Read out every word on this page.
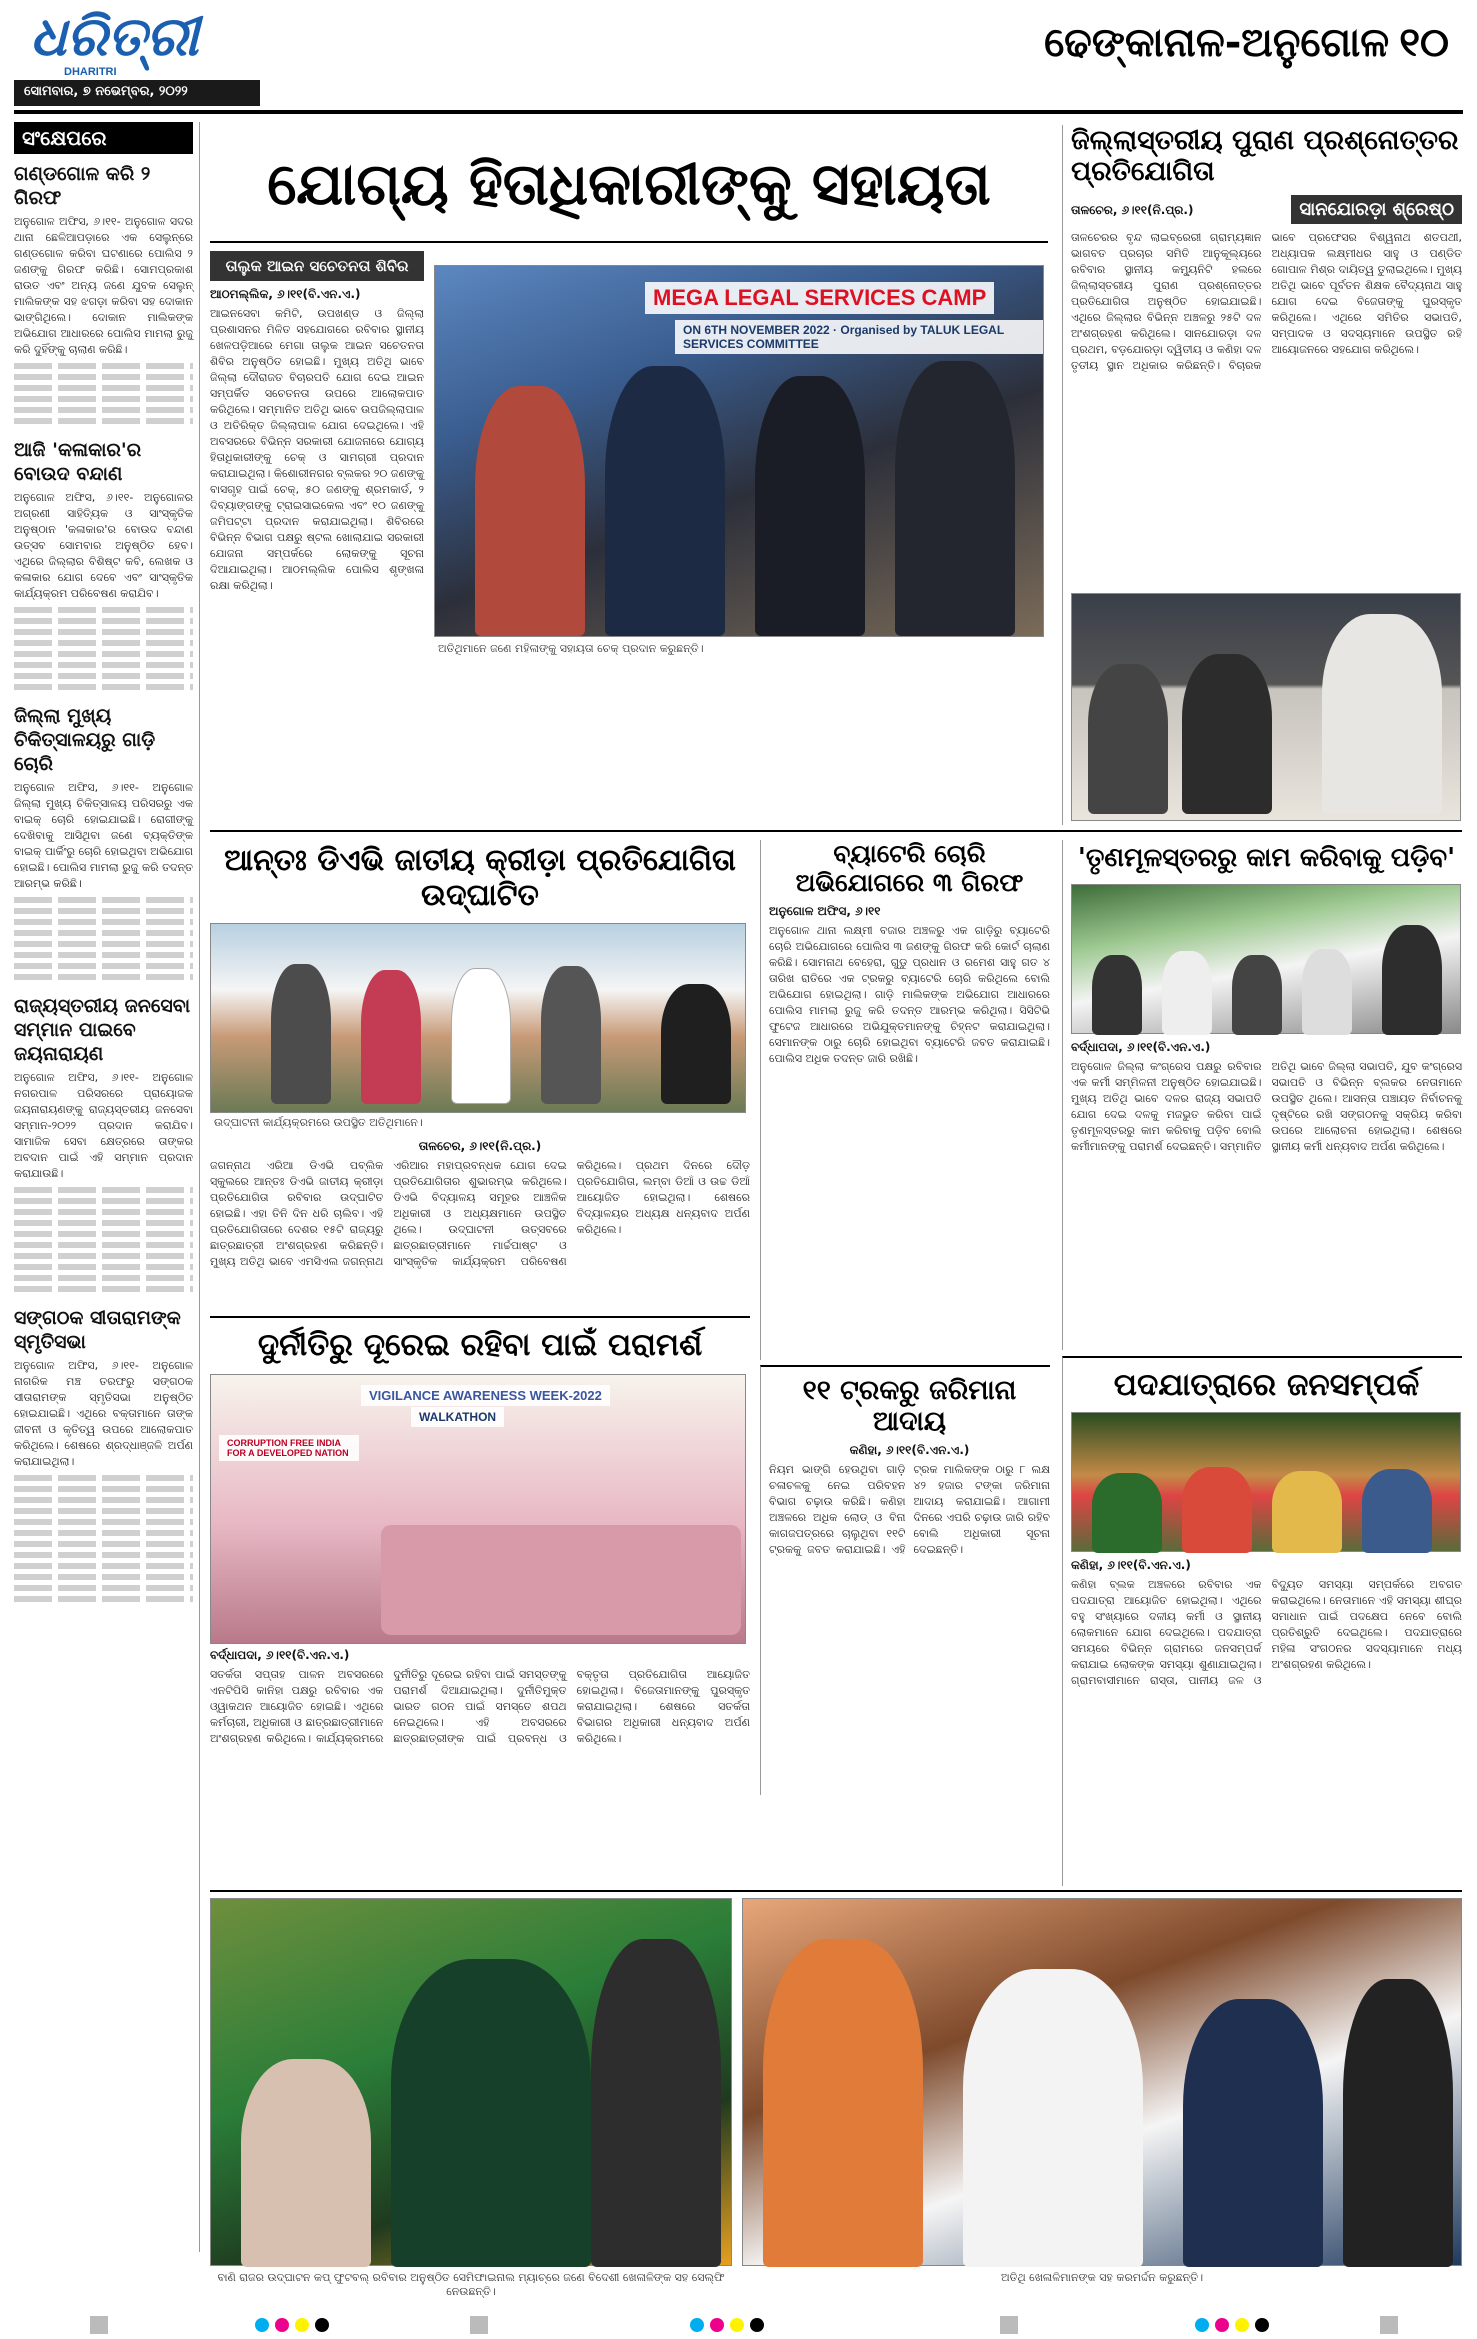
ଧରିତ୍ରୀ
DHARITRI
ସୋମବାର, ୭ ନଭେମ୍ବର, ୨୦୨୨
ଢେଙ୍କାନାଳ-ଅନୁଗୋଳ ୧୦
ସଂକ୍ଷେପରେ
ଗଣ୍ଡଗୋଳ କରି ୨ ଗିରଫ

ଅନୁଗୋଳ ଅଫିସ, ୬।୧୧- ଅନୁଗୋଳ ସଦର ଥାନା ଛେଳିଆପଡ଼ାରେ ଏକ ସେଲୁନ୍‌ରେ ଗଣ୍ଡଗୋଳ କରିବା ଘଟଣାରେ ପୋଲିସ ୨ ଜଣଙ୍କୁ ଗିରଫ କରିଛି। ସୋମପ୍ରକାଶ ରାଉତ ଏବଂ ଅନ୍ୟ ଜଣେ ଯୁବକ ସେଲୁନ୍ ମାଲିକଙ୍କ ସହ ଝଗଡ଼ା କରିବା ସହ ଦୋକାନ ଭାଙ୍ଗିଥିଲେ। ଦୋକାନ ମାଲିକଙ୍କ ଅଭିଯୋଗ ଆଧାରରେ ପୋଲିସ ମାମଲା ରୁଜୁ କରି ଦୁହିଁଙ୍କୁ ଚାଲାଣ କରିଛି।

ଆଜି 'କଳାକାର'ର ବୋଉଦ ବନ୍ଦାଣ

ଅନୁଗୋଳ ଅଫିସ, ୬।୧୧- ଅନୁଗୋଳର ଅଗ୍ରଣୀ ସାହିତ୍ୟିକ ଓ ସାଂସ୍କୃତିକ ଅନୁଷ୍ଠାନ 'କଳାକାର'ର ବୋଉଦ ବନ୍ଦାଣ ଉତ୍ସବ ସୋମବାର ଅନୁଷ୍ଠିତ ହେବ। ଏଥିରେ ଜିଲ୍ଲାର ବିଶିଷ୍ଟ କବି, ଲେଖକ ଓ କଳାକାର ଯୋଗ ଦେବେ ଏବଂ ସାଂସ୍କୃତିକ କାର୍ଯ୍ୟକ୍ରମ ପରିବେଷଣ କରାଯିବ।

ଜିଲ୍ଲା ମୁଖ୍ୟ ଚିକିତ୍ସାଳୟରୁ ଗାଡ଼ି ଚୋରି

ଅନୁଗୋଳ ଅଫିସ, ୬।୧୧- ଅନୁଗୋଳ ଜିଲ୍ଲା ମୁଖ୍ୟ ଚିକିତ୍ସାଳୟ ପରିସରରୁ ଏକ ବାଇକ୍ ଚୋରି ହୋଇଯାଇଛି। ରୋଗୀଙ୍କୁ ଦେଖିବାକୁ ଆସିଥିବା ଜଣେ ବ୍ୟକ୍ତିଙ୍କ ବାଇକ୍ ପାର୍କିଂରୁ ଚୋରି ହୋଇଥିବା ଅଭିଯୋଗ ହୋଇଛି। ପୋଲିସ ମାମଲା ରୁଜୁ କରି ତଦନ୍ତ ଆରମ୍ଭ କରିଛି।

ରାଜ୍ୟସ୍ତରୀୟ ଜନସେବା ସମ୍ମାନ ପାଇବେ ଜୟନାରାୟଣ

ଅନୁଗୋଳ ଅଫିସ, ୬।୧୧- ଅନୁଗୋଳ ନଗରପାଳ ପରିସରରେ ପ୍ରାୟୋଜକ ଜୟନାରାୟଣଙ୍କୁ ରାଜ୍ୟସ୍ତରୀୟ ଜନସେବା ସମ୍ମାନ-୨୦୨୨ ପ୍ରଦାନ କରାଯିବ। ସାମାଜିକ ସେବା କ୍ଷେତ୍ରରେ ତାଙ୍କର ଅବଦାନ ପାଇଁ ଏହି ସମ୍ମାନ ପ୍ରଦାନ କରାଯାଉଛି।

ସଙ୍ଗଠକ ସୀତାରାମଙ୍କ ସ୍ମୃତିସଭା

ଅନୁଗୋଳ ଅଫିସ, ୬।୧୧- ଅନୁଗୋଳ ନାଗରିକ ମଞ୍ଚ ତରଫରୁ ସଙ୍ଗଠକ ସୀତାରାମଙ୍କ ସ୍ମୃତିସଭା ଅନୁଷ୍ଠିତ ହୋଇଯାଇଛି। ଏଥିରେ ବକ୍ତାମାନେ ତାଙ୍କ ଜୀବନୀ ଓ କୃତିତ୍ୱ ଉପରେ ଆଲୋକପାତ କରିଥିଲେ। ଶେଷରେ ଶ୍ରଦ୍ଧାଞ୍ଜଳି ଅର୍ପଣ କରାଯାଇଥିଲା।

ଯୋଗ୍ୟ ହିତାଧିକାରୀଙ୍କୁ ସହାୟତା
ତାଲୁକ ଆଇନ ସଚେତନତା ଶିବିର
ଆଠମଲ୍ଲିକ, ୬।୧୧(ବି.ଏନ.ଏ.)
ଆଇନସେବା କମିଟି, ଉପଖଣ୍ଡ ଓ ଜିଲ୍ଲା ପ୍ରଶାସନର ମିଳିତ ସହଯୋଗରେ ରବିବାର ସ୍ଥାନୀୟ ଖେଳପଡ଼ିଆରେ ମେଗା ତାଲୁକ ଆଇନ ସଚେତନତା ଶିବିର ଅନୁଷ୍ଠିତ ହୋଇଛି। ମୁଖ୍ୟ ଅତିଥି ଭାବେ ଜିଲ୍ଲା ଦୌରାଜତ ବିଚାରପତି ଯୋଗ ଦେଇ ଆଇନ ସମ୍ପର୍କିତ ସଚେତନତା ଉପରେ ଆଲୋକପାତ କରିଥିଲେ। ସମ୍ମାନିତ ଅତିଥି ଭାବେ ଉପଜିଲ୍ଲାପାଳ ଓ ଅତିରିକ୍ତ ଜିଲ୍ଲାପାଳ ଯୋଗ ଦେଇଥିଲେ। ଏହି ଅବସରରେ ବିଭିନ୍ନ ସରକାରୀ ଯୋଜନାରେ ଯୋଗ୍ୟ ହିତାଧିକାରୀଙ୍କୁ ଚେକ୍ ଓ ସାମଗ୍ରୀ ପ୍ରଦାନ କରାଯାଇଥିଲା। କିଶୋରୀନଗର ବ୍ଲକର ୨୦ ଜଣଙ୍କୁ ବାସଗୃହ ପାଇଁ ଚେକ୍, ୫୦ ଜଣଙ୍କୁ ଶ୍ରମକାର୍ଡ, ୨ ଦିବ୍ୟାଙ୍ଗଙ୍କୁ ଟ୍ରାଇସାଇକେଲ ଏବଂ ୧୦ ଜଣଙ୍କୁ ଜମିପଟ୍ଟା ପ୍ରଦାନ କରାଯାଇଥିଲା। ଶିବିରରେ ବିଭିନ୍ନ ବିଭାଗ ପକ୍ଷରୁ ଷ୍ଟଲ ଖୋଲାଯାଇ ସରକାରୀ ଯୋଜନା ସମ୍ପର୍କରେ ଲୋକଙ୍କୁ ସୂଚନା ଦିଆଯାଇଥିଲା। ଆଠମଲ୍ଲିକ ପୋଲିସ ଶୃଙ୍ଖଳା ରକ୍ଷା କରିଥିଲା।
MEGA LEGAL SERVICES CAMP
ON 6TH NOVEMBER 2022 · Organised by TALUK LEGAL SERVICES COMMITTEE
ଅତିଥିମାନେ ଜଣେ ମହିଳାଙ୍କୁ ସହାୟତା ଚେକ୍ ପ୍ରଦାନ କରୁଛନ୍ତି।
ଜିଲ୍ଲାସ୍ତରୀୟ ପୁରାଣ ପ୍ରଶ୍ନୋତ୍ତର ପ୍ରତିଯୋଗିତା
ତାଳଚେର, ୬।୧୧(ନି.ପ୍ର.)	ସାନଯୋରଡ଼ା ଶ୍ରେଷ୍ଠ
ତାଳଚେରର ବୃନ୍ଦ ଲାଇବ୍ରେରୀ ଗ୍ରାମ୍ୟଜ୍ଞାନ ଭାଗବତ ପ୍ରଚାର ସମିତି ଆନୁକୂଲ୍ୟରେ ରବିବାର ସ୍ଥାନୀୟ କମ୍ୟୁନିଟି ହଲରେ ଜିଲ୍ଲାସ୍ତରୀୟ ପୁରାଣ ପ୍ରଶ୍ନୋତ୍ତର ପ୍ରତିଯୋଗିତା ଅନୁଷ୍ଠିତ ହୋଇଯାଇଛି। ଏଥିରେ ଜିଲ୍ଲାର ବିଭିନ୍ନ ଅଞ୍ଚଳରୁ ୨୫ଟି ଦଳ ଅଂଶଗ୍ରହଣ କରିଥିଲେ। ସାନଯୋରଡ଼ା ଦଳ ପ୍ରଥମ, ବଡ଼ଯୋରଡ଼ା ଦ୍ୱିତୀୟ ଓ କଣିହା ଦଳ ତୃତୀୟ ସ୍ଥାନ ଅଧିକାର କରିଛନ୍ତି। ବିଚାରକ ଭାବେ ପ୍ରଫେସର ବିଶ୍ୱନାଥ ଶତପଥୀ, ଅଧ୍ୟାପକ ଲକ୍ଷ୍ମୀଧର ସାହୁ ଓ ପଣ୍ଡିତ ଗୋପାଳ ମିଶ୍ର ଦାୟିତ୍ୱ ତୁଲାଇଥିଲେ। ମୁଖ୍ୟ ଅତିଥି ଭାବେ ପୂର୍ବତନ ଶିକ୍ଷକ ବୈଦ୍ୟନାଥ ସାହୁ ଯୋଗ ଦେଇ ବିଜେତାଙ୍କୁ ପୁରସ୍କୃତ କରିଥିଲେ। ଏଥିରେ ସମିତିର ସଭାପତି, ସମ୍ପାଦକ ଓ ସଦସ୍ୟମାନେ ଉପସ୍ଥିତ ରହି ଆୟୋଜନରେ ସହଯୋଗ କରିଥିଲେ।
ଆନ୍ତଃ ଡିଏଭି ଜାତୀୟ କ୍ରୀଡ଼ା ପ୍ରତିଯୋଗିତା ଉଦ୍‌ଘାଟିତ
ଉଦ୍‌ଘାଟନୀ କାର୍ଯ୍ୟକ୍ରମରେ ଉପସ୍ଥିତ ଅତିଥିମାନେ।
ତାଳଚେର, ୬।୧୧(ନି.ପ୍ର.)
ଜଗନ୍ନାଥ ଏରିଆ ଡିଏଭି ପବ୍ଲିକ ସ୍କୁଲରେ ଆନ୍ତଃ ଡିଏଭି ଜାତୀୟ କ୍ରୀଡ଼ା ପ୍ରତିଯୋଗିତା ରବିବାର ଉଦ୍‌ଘାଟିତ ହୋଇଛି। ଏହା ତିନି ଦିନ ଧରି ଚାଲିବ। ଏହି ପ୍ରତିଯୋଗିତାରେ ଦେଶର ୧୫ଟି ରାଜ୍ୟରୁ ଛାତ୍ରଛାତ୍ରୀ ଅଂଶଗ୍ରହଣ କରିଛନ୍ତି। ମୁଖ୍ୟ ଅତିଥି ଭାବେ ଏମସିଏଲ ଜଗନ୍ନାଥ ଏରିଆର ମହାପ୍ରବନ୍ଧକ ଯୋଗ ଦେଇ ପ୍ରତିଯୋଗିତାର ଶୁଭାରମ୍ଭ କରିଥିଲେ। ଡିଏଭି ବିଦ୍ୟାଳୟ ସମୂହର ଆଞ୍ଚଳିକ ଅଧିକାରୀ ଓ ଅଧ୍ୟକ୍ଷମାନେ ଉପସ୍ଥିତ ଥିଲେ। ଉଦ୍‌ଘାଟନୀ ଉତ୍ସବରେ ଛାତ୍ରଛାତ୍ରୀମାନେ ମାର୍ଚ୍ଚପାଷ୍ଟ ଓ ସାଂସ୍କୃତିକ କାର୍ଯ୍ୟକ୍ରମ ପରିବେଷଣ କରିଥିଲେ। ପ୍ରଥମ ଦିନରେ ଦୌଡ଼ ପ୍ରତିଯୋଗିତା, ଲମ୍ବା ଡିଆଁ ଓ ଉଚ୍ଚ ଡିଆଁ ଆୟୋଜିତ ହୋଇଥିଲା। ଶେଷରେ ବିଦ୍ୟାଳୟର ଅଧ୍ୟକ୍ଷ ଧନ୍ୟବାଦ ଅର୍ପଣ କରିଥିଲେ।
ବ୍ୟାଟେରି ଚୋରି ଅଭିଯୋଗରେ ୩ ଗିରଫ
ଅନୁଗୋଳ ଅଫିସ, ୬।୧୧
ଅନୁଗୋଳ ଥାନା ଲକ୍ଷ୍ମୀ ବଜାର ଅଞ୍ଚଳରୁ ଏକ ଗାଡ଼ିରୁ ବ୍ୟାଟେରି ଚୋରି ଅଭିଯୋଗରେ ପୋଲିସ ୩ ଜଣଙ୍କୁ ଗିରଫ କରି କୋର୍ଟ ଚାଲାଣ କରିଛି। ସୋମନାଥ ବେହେରା, ଗୁଡୁ ପ୍ରଧାନ ଓ ରମେଶ ସାହୁ ଗତ ୪ ତାରିଖ ରାତିରେ ଏକ ଟ୍ରକରୁ ବ୍ୟାଟେରି ଚୋରି କରିଥିଲେ ବୋଲି ଅଭିଯୋଗ ହୋଇଥିଲା। ଗାଡ଼ି ମାଲିକଙ୍କ ଅଭିଯୋଗ ଆଧାରରେ ପୋଲିସ ମାମଲା ରୁଜୁ କରି ତଦନ୍ତ ଆରମ୍ଭ କରିଥିଲା। ସିସିଟିଭି ଫୁଟେଜ ଆଧାରରେ ଅଭିଯୁକ୍ତମାନଙ୍କୁ ଚିହ୍ନଟ କରାଯାଇଥିଲା। ସେମାନଙ୍କ ଠାରୁ ଚୋରି ହୋଇଥିବା ବ୍ୟାଟେରି ଜବତ କରାଯାଇଛି। ପୋଲିସ ଅଧିକ ତଦନ୍ତ ଜାରି ରଖିଛି।
୧୧ ଟ୍ରକରୁ ଜରିମାନା ଆଦାୟ
କଣିହା, ୬।୧୧(ବି.ଏନ.ଏ.)
ନିୟମ ଭାଙ୍ଗି ହେଉଥିବା ଗାଡ଼ି ଚଳାଚଳକୁ ନେଇ ପରିବହନ ବିଭାଗ ଚଢ଼ାଉ କରିଛି। କଣିହା ଅଞ୍ଚଳରେ ଅଧିକ ଲୋଡ୍ ଓ ବିନା କାଗଜପତ୍ରରେ ଚାଲୁଥିବା ୧୧ଟି ଟ୍ରକକୁ ଜବତ କରାଯାଇଛି। ଏହି ଟ୍ରକ ମାଲିକଙ୍କ ଠାରୁ ୮ ଲକ୍ଷ ୪୨ ହଜାର ଟଙ୍କା ଜରିମାନା ଆଦାୟ କରାଯାଇଛି। ଆଗାମୀ ଦିନରେ ଏପରି ଚଢ଼ାଉ ଜାରି ରହିବ ବୋଲି ଅଧିକାରୀ ସୂଚନା ଦେଇଛନ୍ତି।
'ତୃଣମୂଳସ୍ତରରୁ କାମ କରିବାକୁ ପଡ଼ିବ'
ବର୍ଦ୍ଧାପଦା, ୬।୧୧(ବି.ଏନ.ଏ.)
ଅନୁଗୋଳ ଜିଲ୍ଲା କଂଗ୍ରେସ ପକ୍ଷରୁ ରବିବାର ଏକ କର୍ମୀ ସମ୍ମିଳନୀ ଅନୁଷ୍ଠିତ ହୋଇଯାଇଛି। ମୁଖ୍ୟ ଅତିଥି ଭାବେ ଦଳର ରାଜ୍ୟ ସଭାପତି ଯୋଗ ଦେଇ ଦଳକୁ ମଜଭୁତ କରିବା ପାଇଁ ତୃଣମୂଳସ୍ତରରୁ କାମ କରିବାକୁ ପଡ଼ିବ ବୋଲି କର୍ମୀମାନଙ୍କୁ ପରାମର୍ଶ ଦେଇଛନ୍ତି। ସମ୍ମାନିତ ଅତିଥି ଭାବେ ଜିଲ୍ଲା ସଭାପତି, ଯୁବ କଂଗ୍ରେସ ସଭାପତି ଓ ବିଭିନ୍ନ ବ୍ଲକର ନେତାମାନେ ଉପସ୍ଥିତ ଥିଲେ। ଆସନ୍ତା ପଞ୍ଚାୟତ ନିର୍ବାଚନକୁ ଦୃଷ୍ଟିରେ ରଖି ସଙ୍ଗଠନକୁ ସକ୍ରିୟ କରିବା ଉପରେ ଆଲୋଚନା ହୋଇଥିଲା। ଶେଷରେ ସ୍ଥାନୀୟ କର୍ମୀ ଧନ୍ୟବାଦ ଅର୍ପଣ କରିଥିଲେ।
ଦୁର୍ନୀତିରୁ ଦୂରେଇ ରହିବା ପାଇଁ ପରାମର୍ଶ
VIGILANCE AWARENESS WEEK-2022
WALKATHON
CORRUPTION FREE INDIA FOR A DEVELOPED NATION
ବର୍ଦ୍ଧାପଦା, ୬।୧୧(ବି.ଏନ.ଏ.)
ସତର୍କତା ସପ୍ତାହ ପାଳନ ଅବସରରେ ଏନଟିପିସି କାନିହା ପକ୍ଷରୁ ରବିବାର ଏକ ଓ୍ୱାକଥନ ଆୟୋଜିତ ହୋଇଛି। ଏଥିରେ କର୍ମଚାରୀ, ଅଧିକାରୀ ଓ ଛାତ୍ରଛାତ୍ରୀମାନେ ଅଂଶଗ୍ରହଣ କରିଥିଲେ। କାର୍ଯ୍ୟକ୍ରମରେ ଦୁର୍ନୀତିରୁ ଦୂରେଇ ରହିବା ପାଇଁ ସମସ୍ତଙ୍କୁ ପରାମର୍ଶ ଦିଆଯାଇଥିଲା। ଦୁର୍ନୀତିମୁକ୍ତ ଭାରତ ଗଠନ ପାଇଁ ସମସ୍ତେ ଶପଥ ନେଇଥିଲେ। ଏହି ଅବସରରେ ଛାତ୍ରଛାତ୍ରୀଙ୍କ ପାଇଁ ପ୍ରବନ୍ଧ ଓ ବକ୍ତୃତା ପ୍ରତିଯୋଗିତା ଆୟୋଜିତ ହୋଇଥିଲା। ବିଜେତାମାନଙ୍କୁ ପୁରସ୍କୃତ କରାଯାଇଥିଲା। ଶେଷରେ ସତର୍କତା ବିଭାଗର ଅଧିକାରୀ ଧନ୍ୟବାଦ ଅର୍ପଣ କରିଥିଲେ।
ପଦଯାତ୍ରାରେ ଜନସମ୍ପର୍କ
କଣିହା, ୬।୧୧(ବି.ଏନ.ଏ.)
କଣିହା ବ୍ଲକ ଅଞ୍ଚଳରେ ରବିବାର ଏକ ପଦଯାତ୍ରା ଆୟୋଜିତ ହୋଇଥିଲା। ଏଥିରେ ବହୁ ସଂଖ୍ୟାରେ ଦଳୀୟ କର୍ମୀ ଓ ସ୍ଥାନୀୟ ଲୋକମାନେ ଯୋଗ ଦେଇଥିଲେ। ପଦଯାତ୍ରା ସମୟରେ ବିଭିନ୍ନ ଗ୍ରାମରେ ଜନସମ୍ପର୍କ କରାଯାଇ ଲୋକଙ୍କ ସମସ୍ୟା ଶୁଣାଯାଇଥିଲା। ଗ୍ରାମବାସୀମାନେ ରାସ୍ତା, ପାନୀୟ ଜଳ ଓ ବିଦ୍ୟୁତ ସମସ୍ୟା ସମ୍ପର୍କରେ ଅବଗତ କରାଇଥିଲେ। ନେତାମାନେ ଏହି ସମସ୍ୟା ଶୀଘ୍ର ସମାଧାନ ପାଇଁ ପଦକ୍ଷେପ ନେବେ ବୋଲି ପ୍ରତିଶ୍ରୁତି ଦେଇଥିଲେ। ପଦଯାତ୍ରାରେ ମହିଳା ସଂଗଠନର ସଦସ୍ୟାମାନେ ମଧ୍ୟ ଅଂଶଗ୍ରହଣ କରିଥିଲେ।
ବାଣି ରାଜର ଉଦ୍‌ଘାଟନ କପ୍ ଫୁଟବଲ୍ ରବିବାର ଅନୁଷ୍ଠିତ ସେମିଫାଇନାଲ ମ୍ୟାଚ୍‌ରେ ଜଣେ ବିଦେଶୀ ଖେଳାଳିଙ୍କ ସହ ସେଲ୍‌ଫି ନେଉଛନ୍ତି।
ଅତିଥି ଖେଳାଳିମାନଙ୍କ ସହ କରମର୍ଦ୍ଦନ କରୁଛନ୍ତି।
